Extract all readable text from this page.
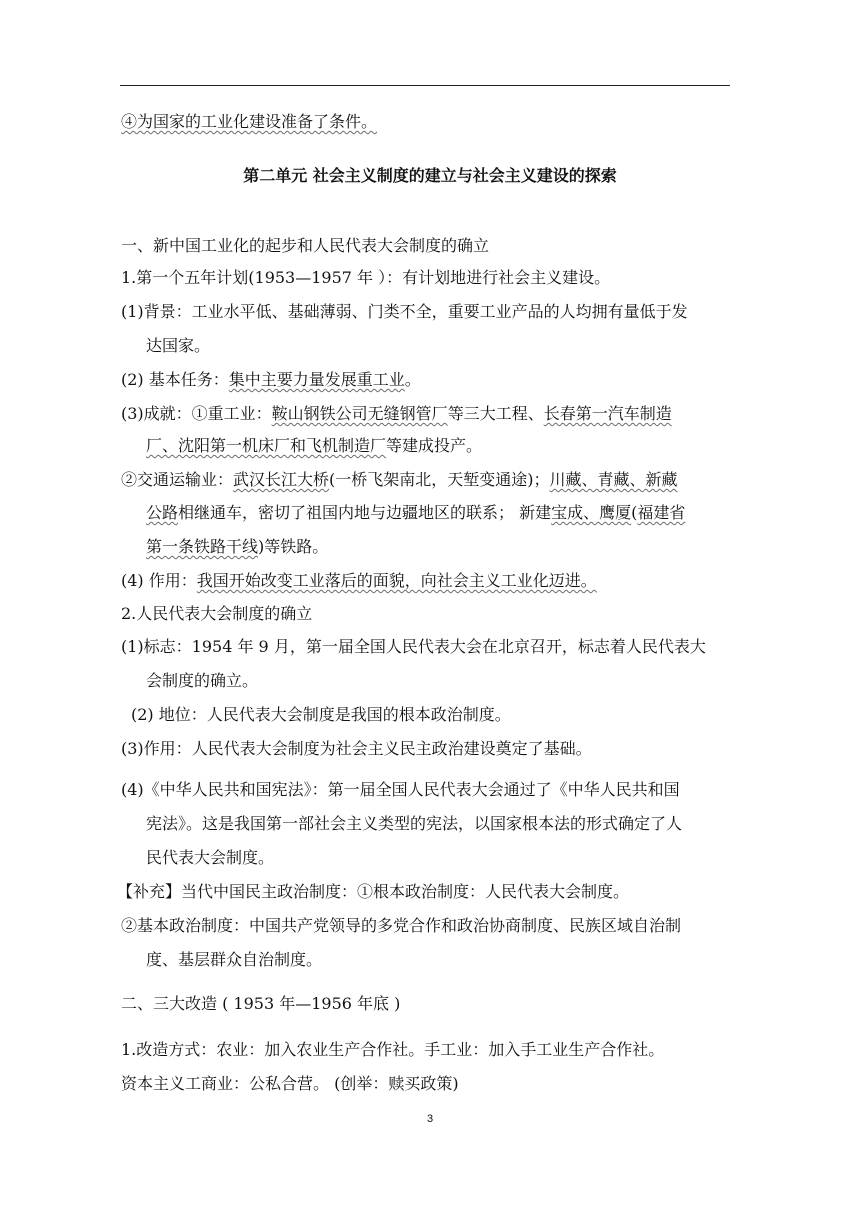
④为国家的工业化建设准备了条件。
第二单元 社会主义制度的建立与社会主义建设的探索
一、新中国工业化的起步和人民代表大会制度的确立
1.第一个五年计划(1953—1957 年 ）：有计划地进行社会主义建设。
(1)背景：工业水平低、基础薄弱、门类不全，重要工业产品的人均拥有量低于发
达国家。
(2) 基本任务：集中主要力量发展重工业。
(3)成就：①重工业：鞍山钢铁公司无缝钢管厂等三大工程、长春第一汽车制造
厂、沈阳第一机床厂和飞机制造厂等建成投产。
②交通运输业：武汉长江大桥(一桥飞架南北，天堑变通途)；川藏、青藏、新藏
公路相继通车，密切了祖国内地与边疆地区的联系； 新建宝成、鹰厦(福建省
第一条铁路干线)等铁路。
(4) 作用：我国开始改变工业落后的面貌，向社会主义工业化迈进。
2.人民代表大会制度的确立
(1)标志：1954 年 9 月，第一届全国人民代表大会在北京召开，标志着人民代表大
会制度的确立。
(2) 地位：人民代表大会制度是我国的根本政治制度。
(3)作用：人民代表大会制度为社会主义民主政治建设奠定了基础。
(4)《中华人民共和国宪法》：第一届全国人民代表大会通过了《中华人民共和国
宪法》。这是我国第一部社会主义类型的宪法，以国家根本法的形式确定了人
民代表大会制度。
【补充】当代中国民主政治制度：①根本政治制度：人民代表大会制度。
②基本政治制度：中国共产党领导的多党合作和政治协商制度、民族区域自治制
度、基层群众自治制度。
二、三大改造 ( 1953 年—1956 年底 )
1.改造方式：农业：加入农业生产合作社。手工业：加入手工业生产合作社。
资本主义工商业：公私合营。 (创举：赎买政策)
3
